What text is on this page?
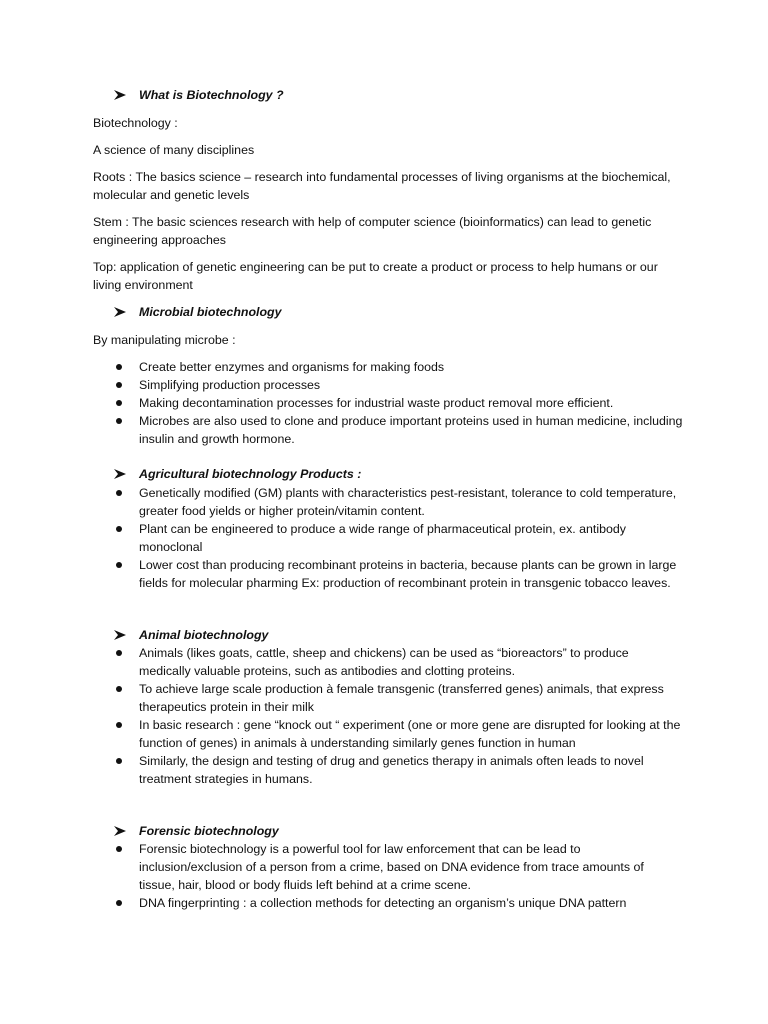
What is Biotechnology ?

Biotechnology :

A science of many disciplines

Roots : The basics science – research into fundamental processes of living organisms at the biochemical, molecular and genetic levels

Stem : The basic sciences research with help of computer science (bioinformatics) can lead to genetic engineering approaches

Top: application of genetic engineering can be put to create a product or process to help humans or our living environment

Microbial biotechnology

By manipulating microbe :

Create better enzymes and organisms for making foods
Simplifying production processes
Making decontamination processes for industrial waste product removal more efficient.
Microbes are also used to clone and produce important proteins used in human medicine, including insulin and growth hormone.
Agricultural biotechnology Products :
Genetically modified (GM) plants with characteristics pest-resistant, tolerance to cold temperature, greater food yields or higher protein/vitamin content.
Plant can be engineered to produce a wide range of pharmaceutical protein, ex. antibody monoclonal
Lower cost than producing recombinant proteins in bacteria, because plants can be grown in large fields for molecular pharming Ex: production of recombinant protein in transgenic tobacco leaves.
Animal biotechnology
Animals (likes goats, cattle, sheep and chickens) can be used as “bioreactors” to produce medically valuable proteins, such as antibodies and clotting proteins.
To achieve large scale production à female transgenic (transferred genes) animals, that express therapeutics protein in their milk
In basic research : gene “knock out “ experiment (one or more gene are disrupted for looking at the function of genes) in animals à understanding similarly genes function in human
Similarly, the design and testing of drug and genetics therapy in animals often leads to novel treatment strategies in humans.
Forensic biotechnology
Forensic biotechnology is a powerful tool for law enforcement that can be lead to inclusion/exclusion of a person from a crime, based on DNA evidence from trace amounts of tissue, hair, blood or body fluids left behind at a crime scene.
DNA fingerprinting : a collection methods for detecting an organism’s unique DNA pattern
